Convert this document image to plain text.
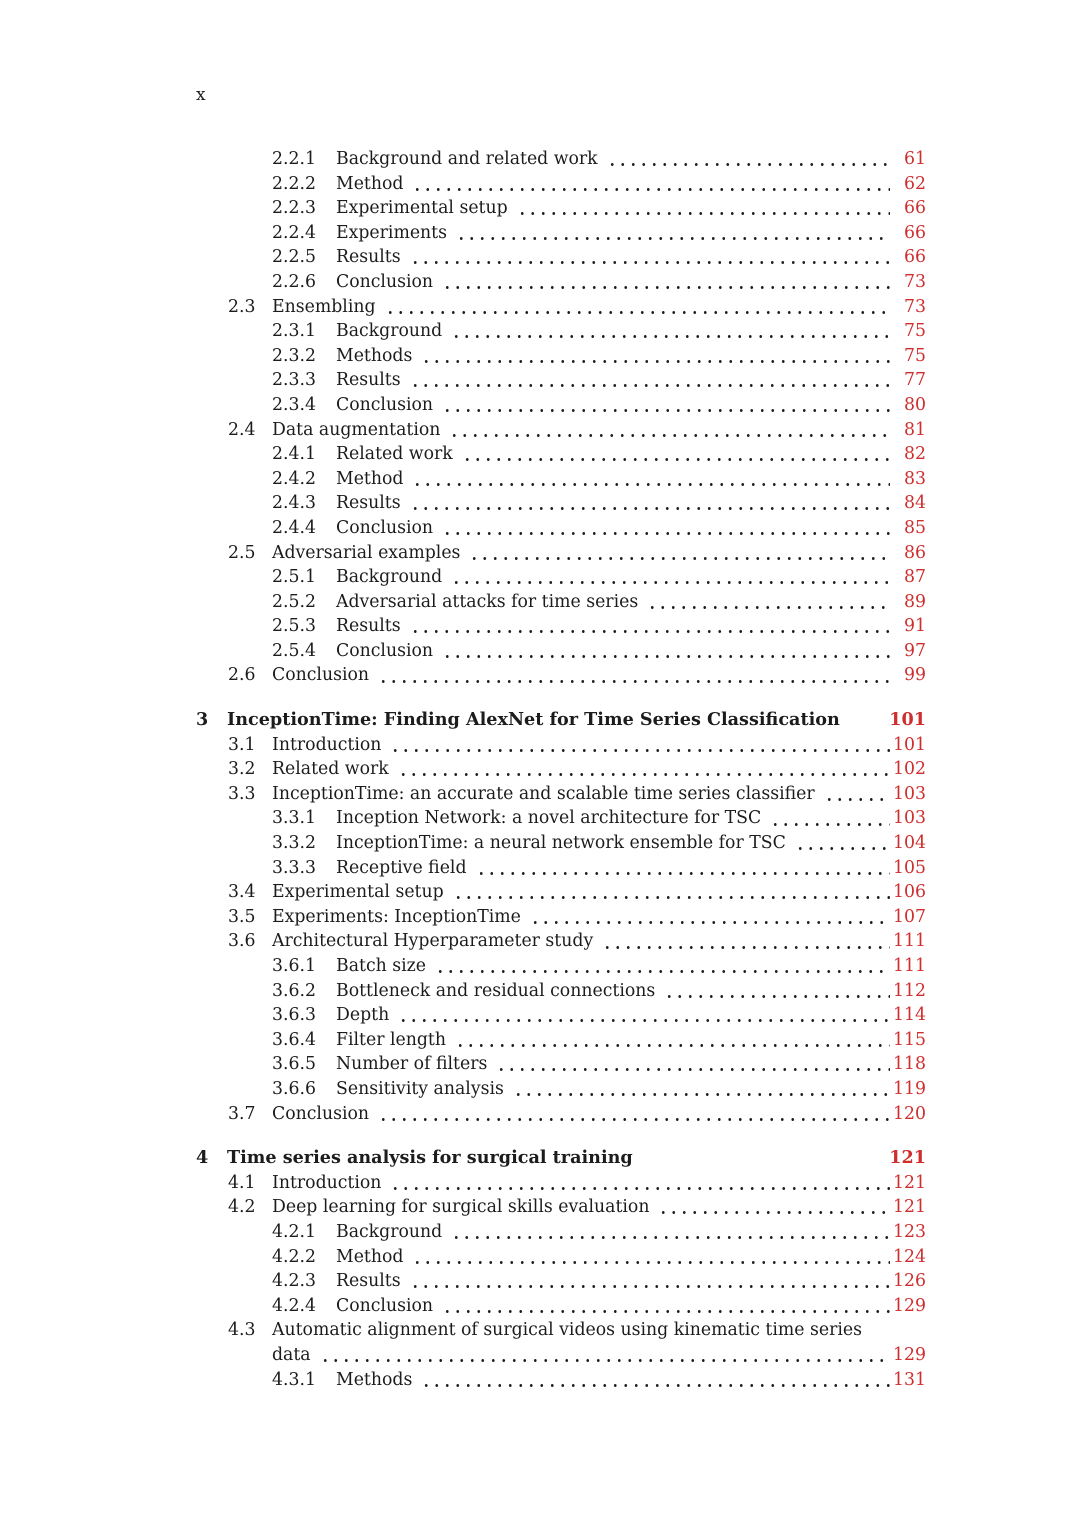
x
2.2.1	Background and related work	61
2.2.2	Method	62
2.2.3	Experimental setup	66
2.2.4	Experiments	66
2.2.5	Results	66
2.2.6	Conclusion	73
2.3 Ensembling	73
2.3.1	Background	75
2.3.2	Methods	75
2.3.3	Results	77
2.3.4	Conclusion	80
2.4 Data augmentation	81
2.4.1	Related work	82
2.4.2	Method	83
2.4.3	Results	84
2.4.4	Conclusion	85
2.5 Adversarial examples	86
2.5.1	Background	87
2.5.2	Adversarial attacks for time series	89
2.5.3	Results	91
2.5.4	Conclusion	97
2.6 Conclusion	99
3	InceptionTime: Finding AlexNet for Time Series Classification	101
3.1 Introduction	101
3.2 Related work	102
3.3 InceptionTime: an accurate and scalable time series classifier	103
3.3.1	Inception Network: a novel architecture for TSC	103
3.3.2	InceptionTime: a neural network ensemble for TSC	104
3.3.3	Receptive field	105
3.4 Experimental setup	106
3.5 Experiments: InceptionTime	107
3.6 Architectural Hyperparameter study	111
3.6.1	Batch size	111
3.6.2	Bottleneck and residual connections	112
3.6.3	Depth	114
3.6.4	Filter length	115
3.6.5	Number of filters	118
3.6.6	Sensitivity analysis	119
3.7 Conclusion	120
4	Time series analysis for surgical training	121
4.1 Introduction	121
4.2 Deep learning for surgical skills evaluation	121
4.2.1	Background	123
4.2.2	Method	124
4.2.3	Results	126
4.2.4	Conclusion	129
4.3 Automatic alignment of surgical videos using kinematic time series
data	129
4.3.1	Methods	131
